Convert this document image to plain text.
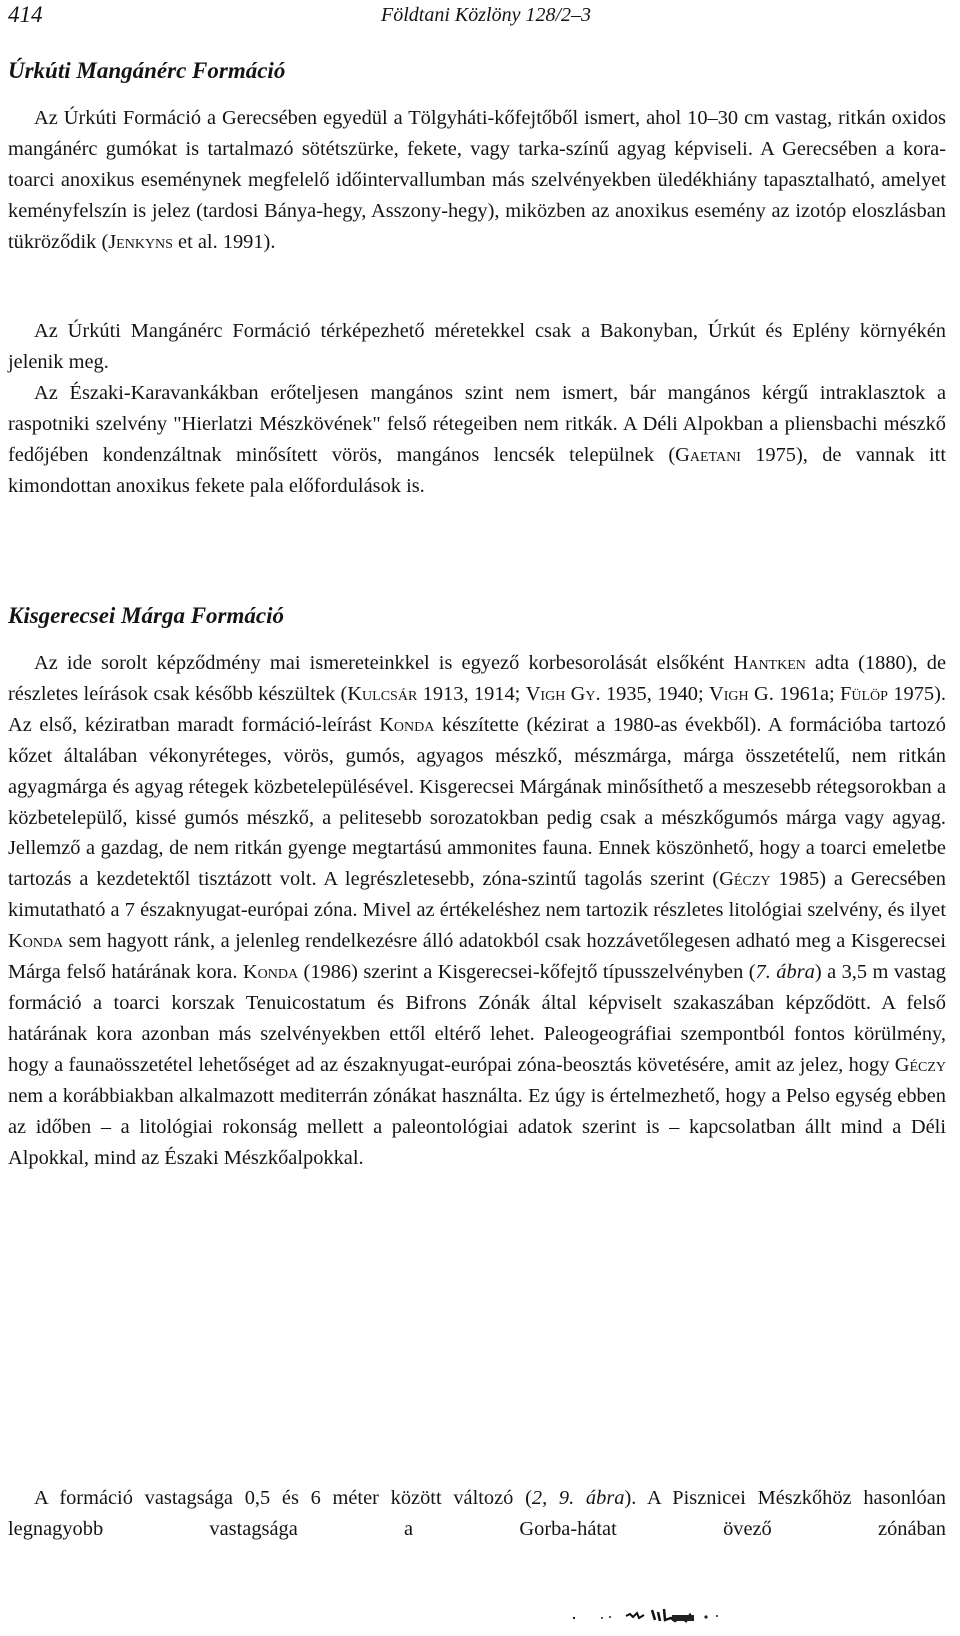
414	Földtani Közlöny 128/2–3
Úrkúti Mangánérc Formáció

Az Úrkúti Formáció a Gerecsében egyedül a Tölgyháti-kőfejtőből ismert, ahol 10–30 cm vastag, ritkán oxidos mangánérc gumókat is tartalmazó sötétszürke, fekete, vagy tarka-színű agyag képviseli. A Gerecsében a kora-toarci anoxikus eseménynek megfelelő időintervallumban más szelvényekben üledékhiány tapasztalható, amelyet keményfelszín is jelez (tardosi Bánya-hegy, Asszony-hegy), miközben az anoxikus esemény az izotóp eloszlásban tükröződik (Jenkyns et al. 1991).

Az Úrkúti Mangánérc Formáció térképezhető méretekkel csak a Bakonyban, Úrkút és Eplény környékén jelenik meg.

Az Északi-Karavankákban erőteljesen mangános szint nem ismert, bár mangános kérgű intraklasztok a raspotniki szelvény "Hierlatzi Mészkövének" felső rétegeiben nem ritkák. A Déli Alpokban a pliensbachi mészkő fedőjében kondenzáltnak minősített vörös, mangános lencsék települnek (Gaetani 1975), de vannak itt kimondottan anoxikus fekete pala előfordulások is.

Kisgerecsei Márga Formáció

Az ide sorolt képződmény mai ismereteinkkel is egyező korbesorolását elsőként Hantken adta (1880), de részletes leírások csak később készültek (Kulcsár 1913, 1914; Vigh Gy. 1935, 1940; Vigh G. 1961a; Fülöp 1975). Az első, kéziratban maradt formáció-leírást Konda készítette (kézirat a 1980-as évekből). A formációba tartozó kőzet általában vékonyréteges, vörös, gumós, agyagos mészkő, mészmárga, márga összetételű, nem ritkán agyagmárga és agyag rétegek közbetelepülésével. Kisgerecsei Márgának minősíthető a meszesebb rétegsorokban a közbetelepülő, kissé gumós mészkő, a pelitesebb sorozatokban pedig csak a mészkőgumós márga vagy agyag. Jellemző a gazdag, de nem ritkán gyenge megtartású ammonites fauna. Ennek köszönhető, hogy a toarci emeletbe tartozás a kezdetektől tisztázott volt. A legrészletesebb, zóna-szintű tagolás szerint (Géczy 1985) a Gerecsében kimutatható a 7 északnyugat-európai zóna. Mivel az értékeléshez nem tartozik részletes litológiai szelvény, és ilyet Konda sem hagyott ránk, a jelenleg rendelkezésre álló adatokból csak hozzávetőlegesen adható meg a Kisgerecsei Márga felső határának kora. Konda (1986) szerint a Kisgerecsei-kőfejtő típusszelvényben (7. ábra) a 3,5 m vastag formáció a toarci korszak Tenuicostatum és Bifrons Zónák által képviselt szakaszában képződött. A felső határának kora azonban más szelvényekben ettől eltérő lehet. Paleogeográfiai szempontból fontos körülmény, hogy a faunaösszetétel lehetőséget ad az északnyugat-európai zóna-beosztás követésére, amit az jelez, hogy Géczy nem a korábbiakban alkalmazott mediterrán zónákat használta. Ez úgy is értelmezhető, hogy a Pelso egység ebben az időben – a litológiai rokonság mellett a paleontológiai adatok szerint is – kapcsolatban állt mind a Déli Alpokkal, mind az Északi Mészkőalpokkal.

A formáció vastagsága 0,5 és 6 méter között változó (2, 9. ábra). A Pisznicei Mészkőhöz hasonlóan legnagyobb vastagsága a Gorba-hátat övező zónában
